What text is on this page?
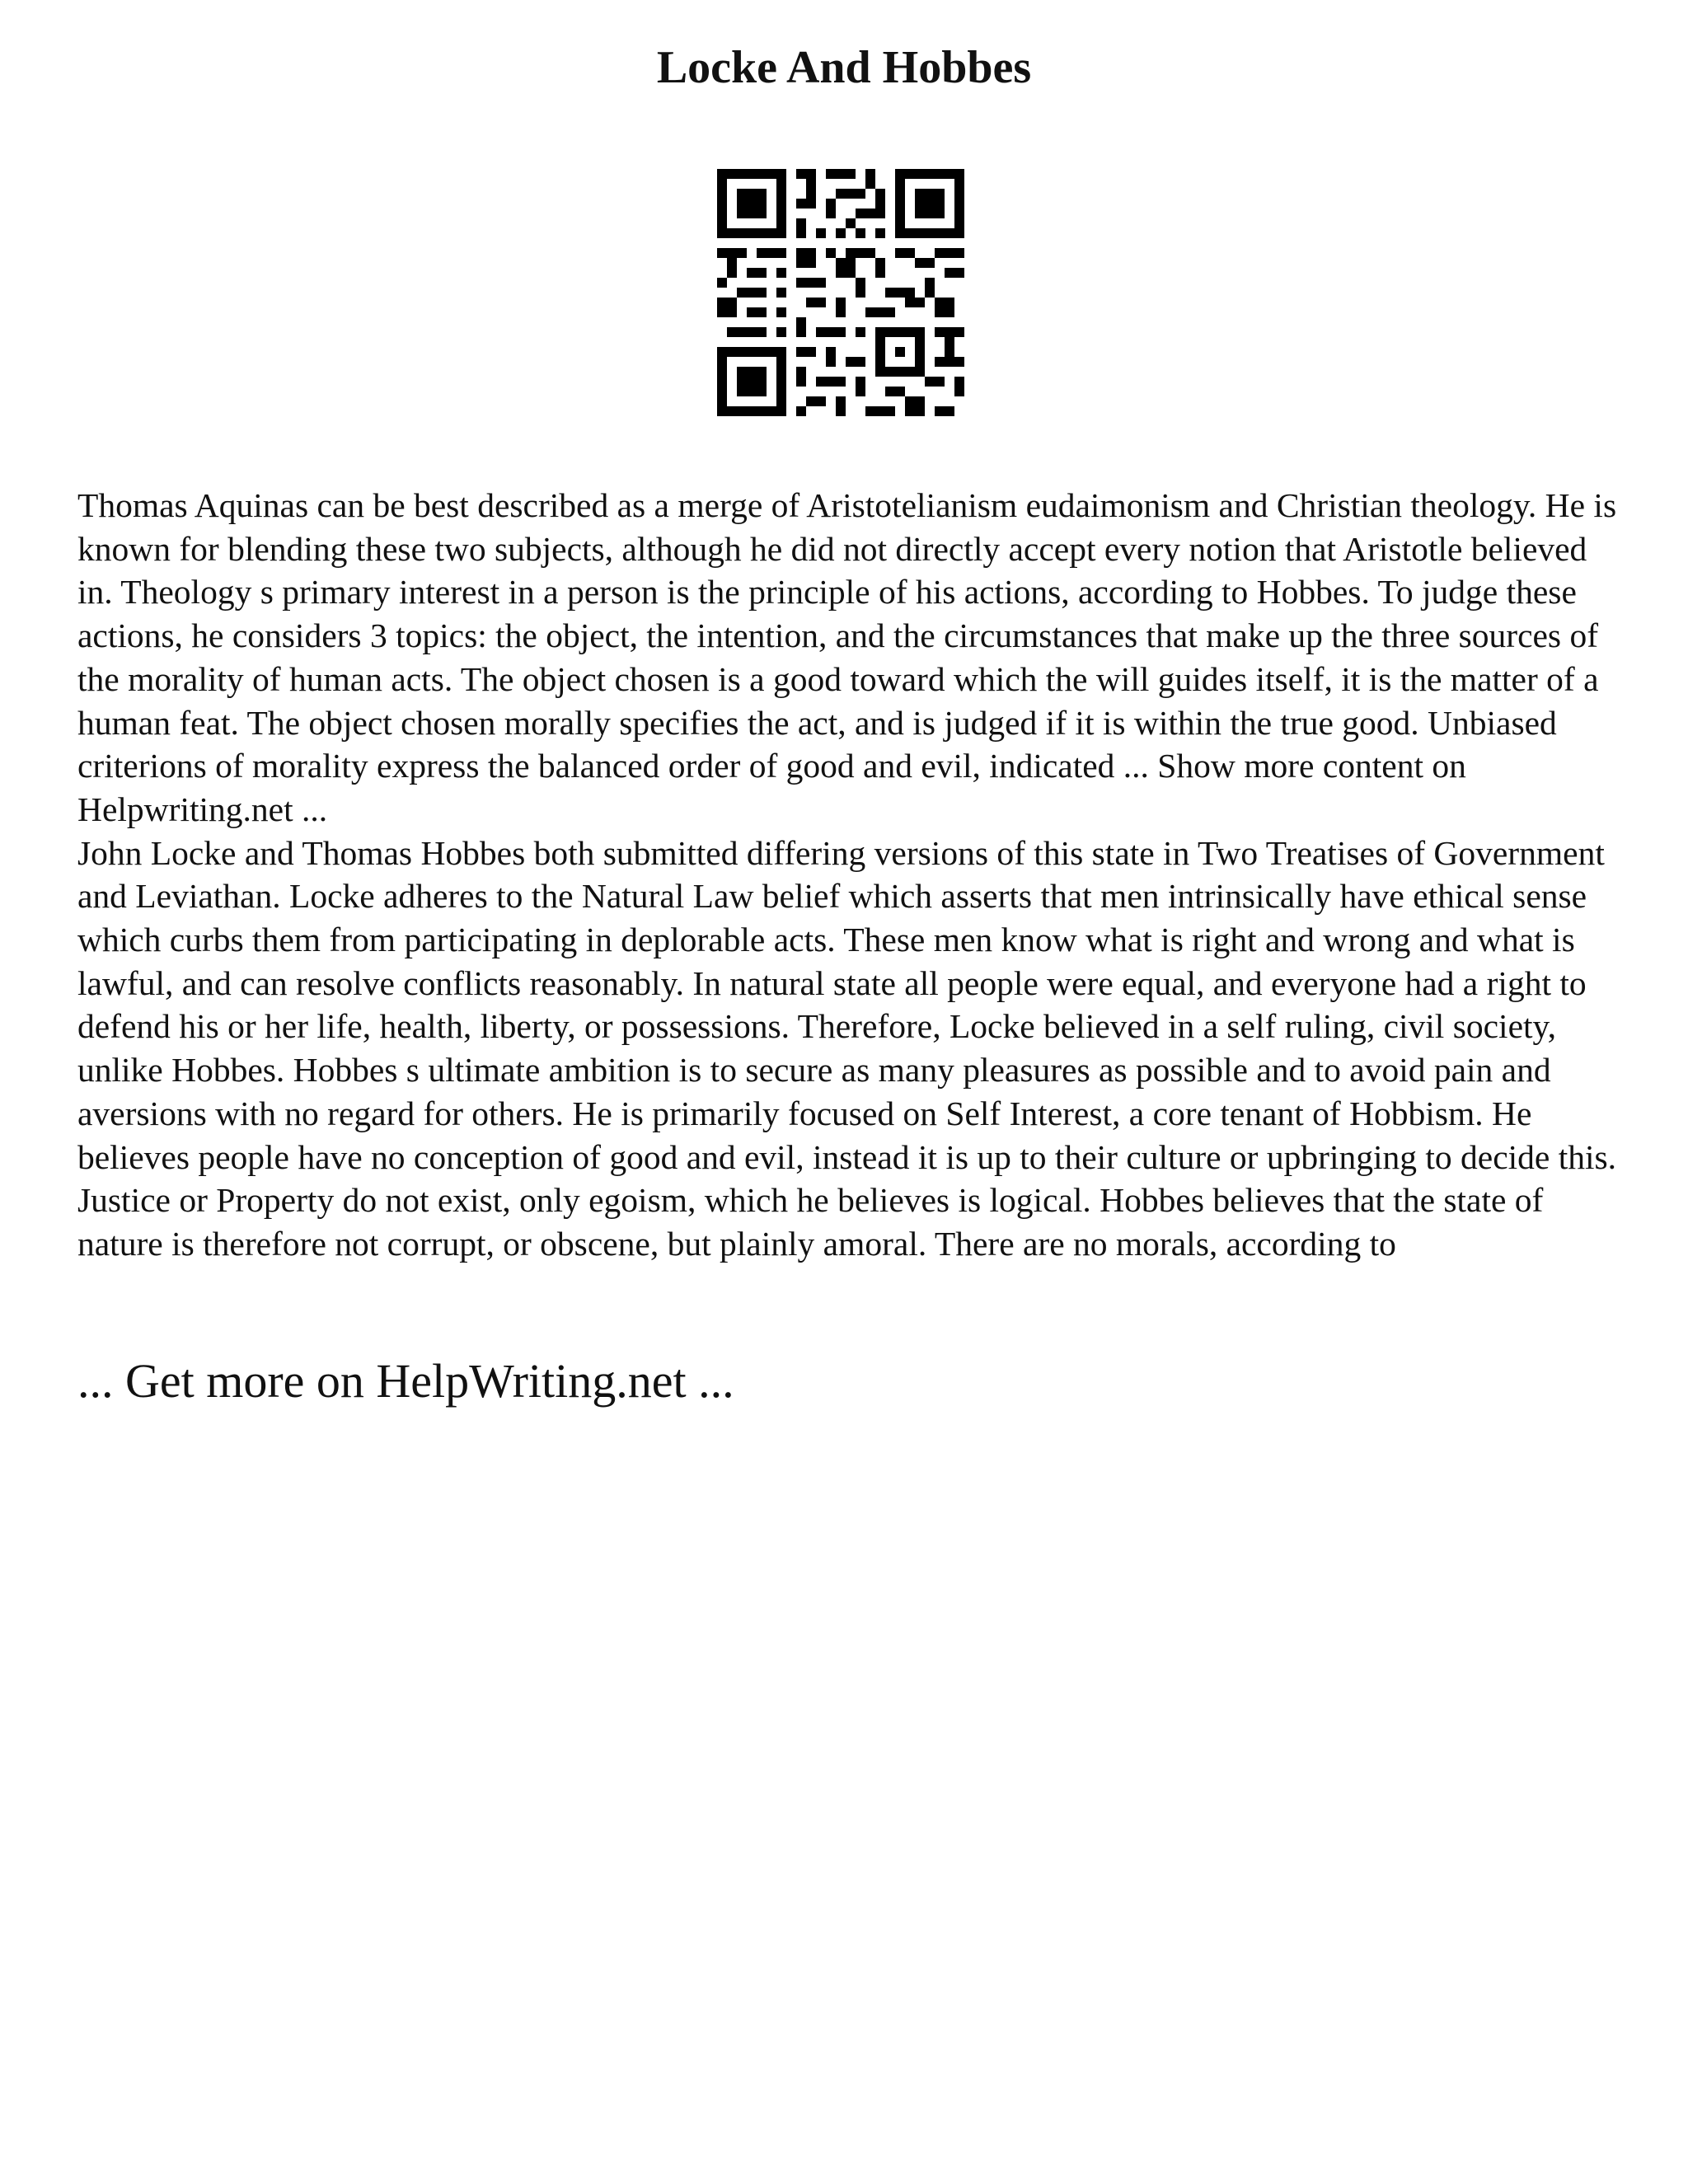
Locke And Hobbes

Thomas Aquinas can be best described as a merge of Aristotelianism eudaimonism and Christian theology. He is known for blending these two subjects, although he did not directly accept every notion that Aristotle believed in. Theology s primary interest in a person is the principle of his actions, according to Hobbes. To judge these actions, he considers 3 topics: the object, the intention, and the circumstances that make up the three sources of the morality of human acts. The object chosen is a good toward which the will guides itself, it is the matter of a human feat. The object chosen morally specifies the act, and is judged if it is within the true good. Unbiased criterions of morality express the balanced order of good and evil, indicated ... Show more content on Helpwriting.net ...

John Locke and Thomas Hobbes both submitted differing versions of this state in Two Treatises of Government and Leviathan. Locke adheres to the Natural Law belief which asserts that men intrinsically have ethical sense which curbs them from participating in deplorable acts. These men know what is right and wrong and what is lawful, and can resolve conflicts reasonably. In natural state all people were equal, and everyone had a right to defend his or her life, health, liberty, or possessions. Therefore, Locke believed in a self ruling, civil society, unlike Hobbes. Hobbes s ultimate ambition is to secure as many pleasures as possible and to avoid pain and aversions with no regard for others. He is primarily focused on Self Interest, a core tenant of Hobbism. He believes people have no conception of good and evil, instead it is up to their culture or upbringing to decide this. Justice or Property do not exist, only egoism, which he believes is logical. Hobbes believes that the state of nature is therefore not corrupt, or obscene, but plainly amoral. There are no morals, according to

... Get more on HelpWriting.net ...
